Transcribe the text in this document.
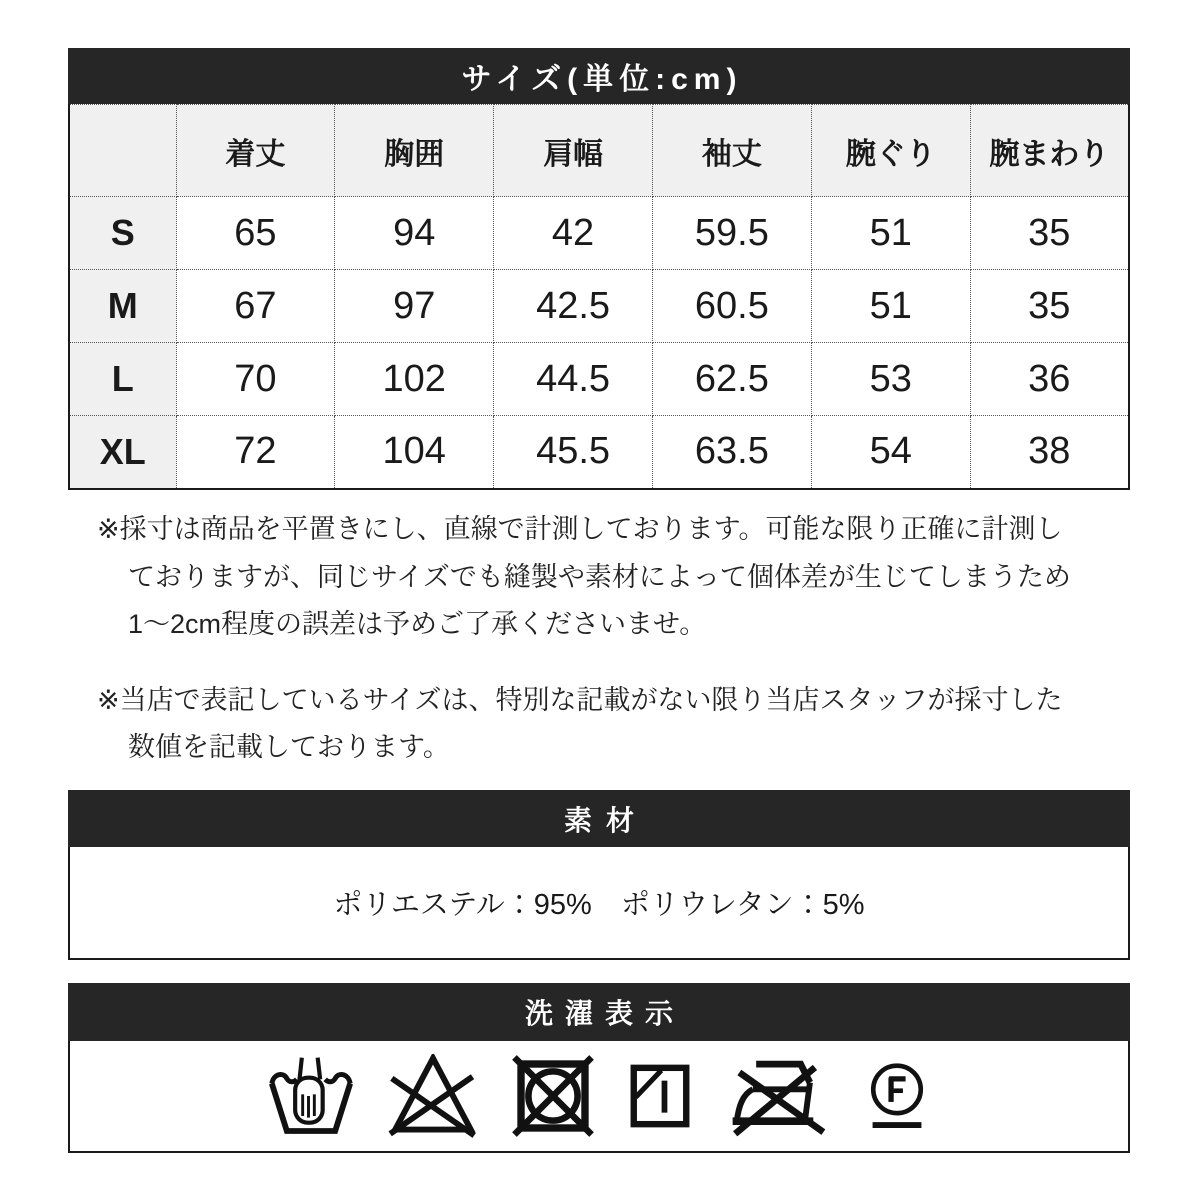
サイズ(単位:cm)
	着丈	胸囲	肩幅	袖丈	腕ぐり	腕まわり
S	65	94	42	59.5	51	35
M	67	97	42.5	60.5	51	35
L	70	102	44.5	62.5	53	36
XL	72	104	45.5	63.5	54	38
※採寸は商品を平置きにし、直線で計測しております。可能な限り正確に計測し
ておりますが、同じサイズでも縫製や素材によって個体差が生じてしまうため
1〜2cm程度の誤差は予めご了承くださいませ。
※当店で表記しているサイズは、特別な記載がない限り当店スタッフが採寸した
数値を記載しております。
素材
ポリエステル：95%　ポリウレタン：5%
洗濯表示
